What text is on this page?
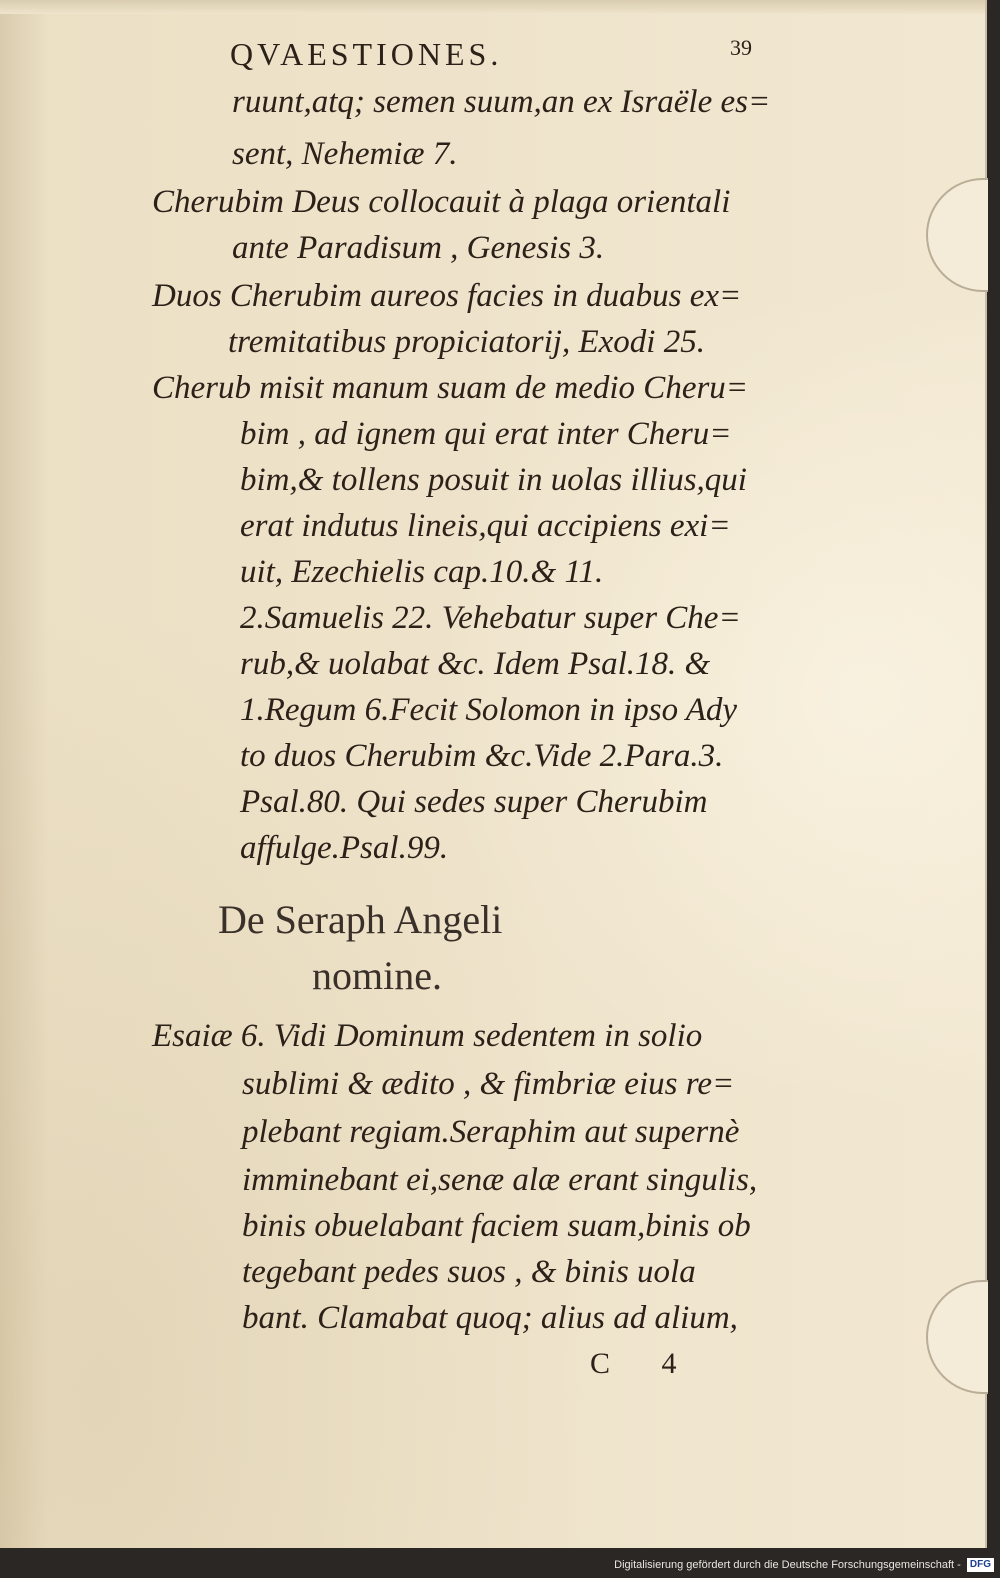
QVAESTIONES.	39
ruunt,atq; semen suum,an ex Israële es=
sent, Nehemiæ 7.
Cherubim Deus collocauit à plaga orientali
ante Paradisum , Genesis 3.
Duos Cherubim aureos facies in duabus ex=
tremitatibus propiciatorij, Exodi 25.
Cherub misit manum suam de medio Cheru=
bim , ad ignem qui erat inter Cheru=
bim,& tollens posuit in uolas illius,qui
erat indutus lineis,qui accipiens exi=
uit, Ezechielis cap.10.& 11.
2.Samuelis 22. Vehebatur super Che=
rub,& uolabat &c. Idem Psal.18. &
1.Regum 6.Fecit Solomon in ipso Ady
to duos Cherubim &c.Vide 2.Para.3.
Psal.80. Qui sedes super Cherubim
affulge.Psal.99.
De Seraph Angeli
nomine.
Esaiæ 6. Vidi Dominum sedentem in solio
sublimi & ædito , & fimbriæ eius re=
plebant regiam.Seraphim aut supernè
imminebant ei,senæ alæ erant singulis,
binis obuelabant faciem suam,binis ob
tegebant pedes suos , & binis uola
bant. Clamabat quoq; alius ad alium,
C 4
Digitalisierung gefördert durch die Deutsche Forschungsgemeinschaft - DFG
